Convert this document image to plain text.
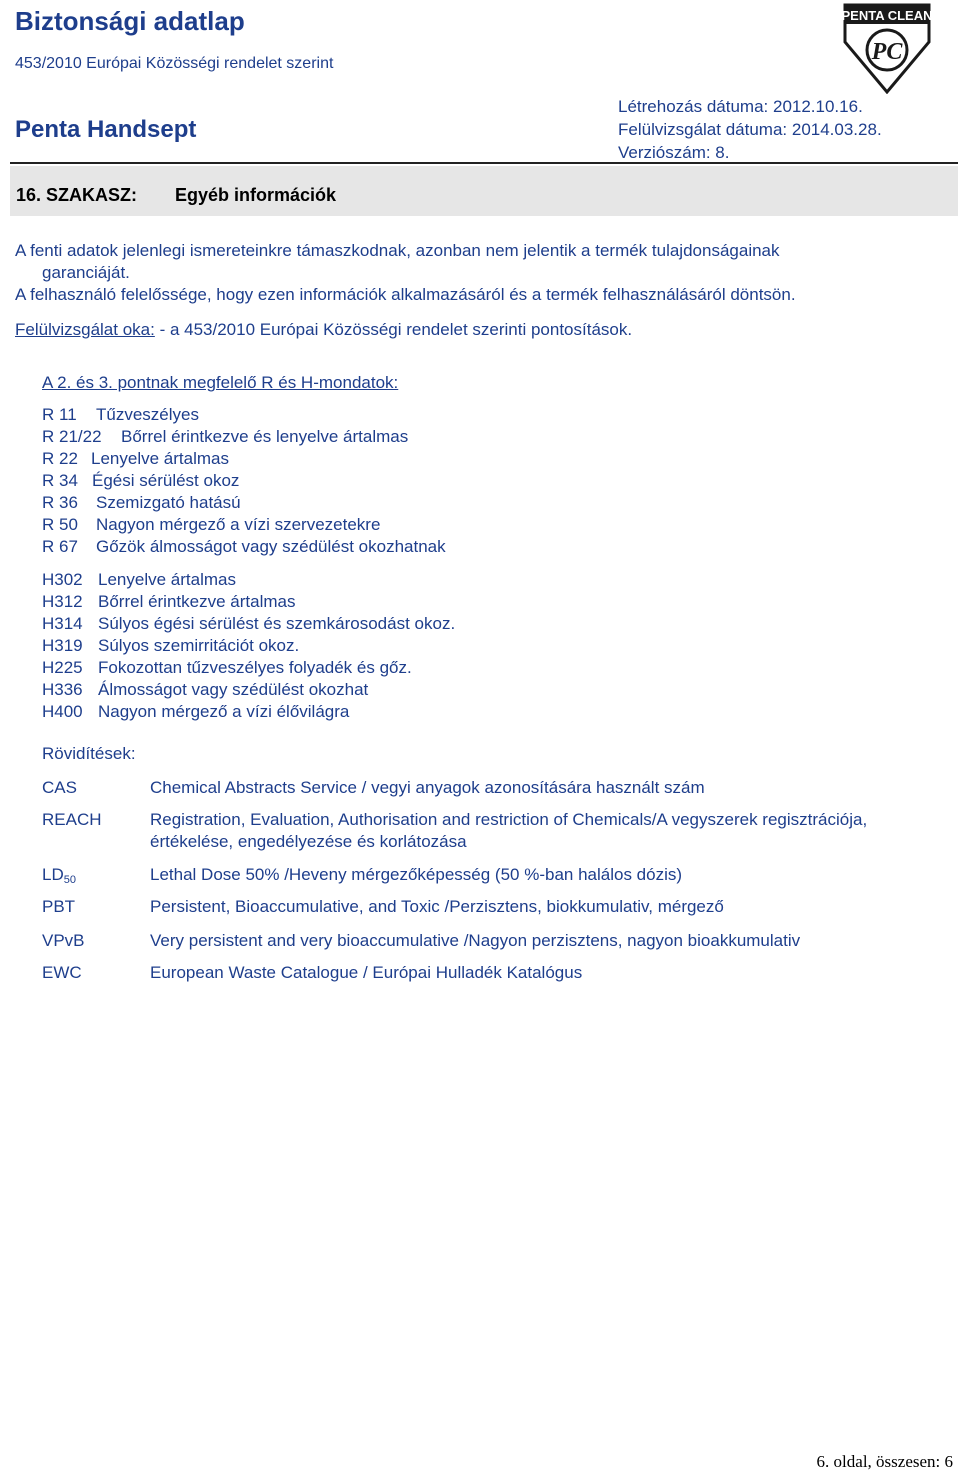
Biztonsági adatlap
453/2010 Európai Közösségi rendelet szerint
Penta Handsept
Létrehozás dátuma: 2012.10.16.
Felülvizsgálat dátuma: 2014.03.28.
Verziószám: 8.
PENTA CLEAN
PC
16. SZAKASZ: Egyéb információk
A fenti adatok jelenlegi ismereteinkre támaszkodnak, azonban nem jelentik a termék tulajdonságainak
garanciáját.
A felhasználó felelőssége, hogy ezen információk alkalmazásáról és a termék felhasználásáról döntsön.
Felülvizsgálat oka: - a 453/2010 Európai Közösségi rendelet szerinti pontosítások.
A 2. és 3. pontnak megfelelő R és H-mondatok:
R 11 Tűzveszélyes
R 21/22 Bőrrel érintkezve és lenyelve ártalmas
R 22 Lenyelve ártalmas
R 34 Égési sérülést okoz
R 36 Szemizgató hatású
R 50 Nagyon mérgező a vízi szervezetekre
R 67 Gőzök álmosságot vagy szédülést okozhatnak
H302 Lenyelve ártalmas
H312 Bőrrel érintkezve ártalmas
H314 Súlyos égési sérülést és szemkárosodást okoz.
H319 Súlyos szemirritációt okoz.
H225 Fokozottan tűzveszélyes folyadék és gőz.
H336 Álmosságot vagy szédülést okozhat
H400 Nagyon mérgező a vízi élővilágra
Rövidítések:
CAS	Chemical Abstracts Service / vegyi anyagok azonosítására használt szám
REACH	Registration, Evaluation, Authorisation and restriction of Chemicals/A vegyszerek regisztrációja,
értékelése, engedélyezése és korlátozása
$LD_{50}$	Lethal Dose 50% /Heveny mérgezőképesség (50 %-ban halálos dózis)
PBT	Persistent, Bioaccumulative, and Toxic /Perzisztens, biokkumulativ, mérgező
VPvB	Very persistent and very bioaccumulative /Nagyon perzisztens, nagyon bioakkumulativ
EWC	European Waste Catalogue / Európai Hulladék Katalógus
6. oldal, összesen: 6
